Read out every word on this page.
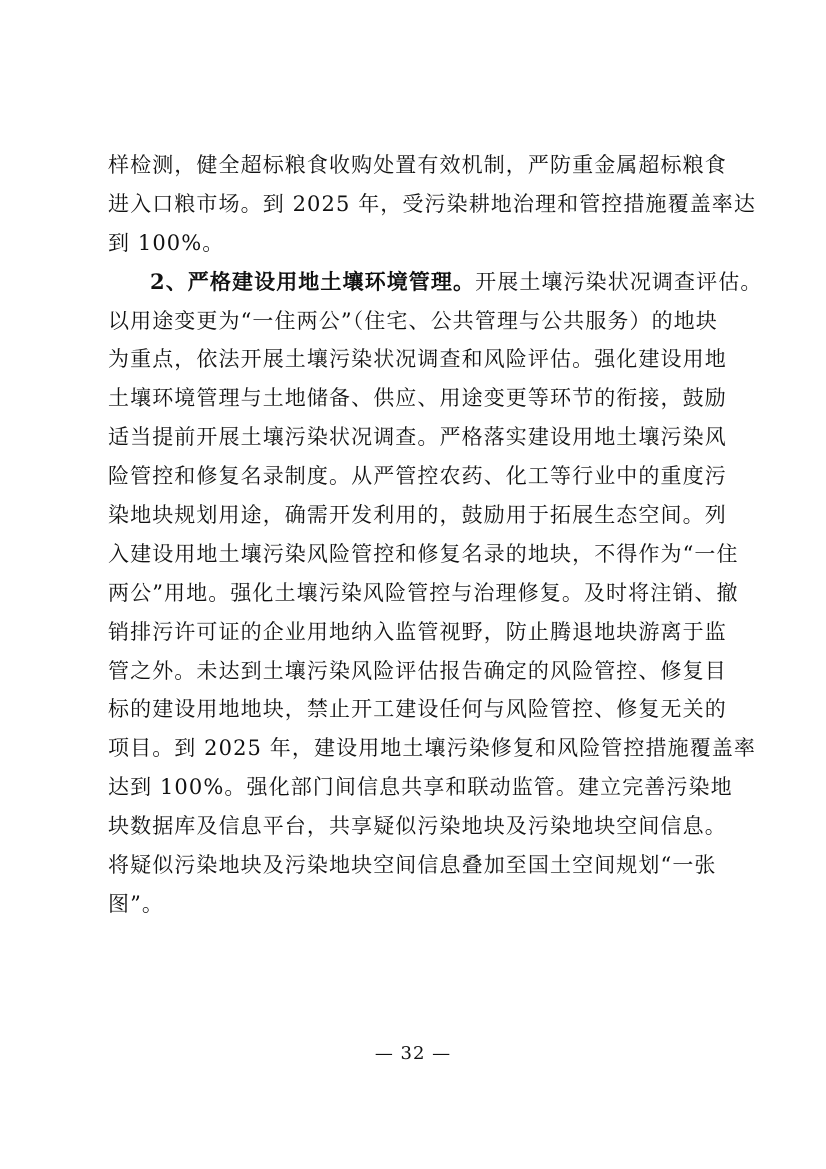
样检测，健全超标粮食收购处置有效机制，严防重金属超标粮食
进入口粮市场。到 2025 年，受污染耕地治理和管控措施覆盖率达
到 100%。
2、严格建设用地土壤环境管理。开展土壤污染状况调查评估。
以用途变更为“一住两公”（住宅、公共管理与公共服务）的地块
为重点，依法开展土壤污染状况调查和风险评估。强化建设用地
土壤环境管理与土地储备、供应、用途变更等环节的衔接，鼓励
适当提前开展土壤污染状况调查。严格落实建设用地土壤污染风
险管控和修复名录制度。从严管控农药、化工等行业中的重度污
染地块规划用途，确需开发利用的，鼓励用于拓展生态空间。列
入建设用地土壤污染风险管控和修复名录的地块，不得作为“一住
两公”用地。强化土壤污染风险管控与治理修复。及时将注销、撤
销排污许可证的企业用地纳入监管视野，防止腾退地块游离于监
管之外。未达到土壤污染风险评估报告确定的风险管控、修复目
标的建设用地地块，禁止开工建设任何与风险管控、修复无关的
项目。到 2025 年，建设用地土壤污染修复和风险管控措施覆盖率
达到 100%。强化部门间信息共享和联动监管。建立完善污染地
块数据库及信息平台，共享疑似污染地块及污染地块空间信息。
将疑似污染地块及污染地块空间信息叠加至国土空间规划“一张
图”。
— 32 —
